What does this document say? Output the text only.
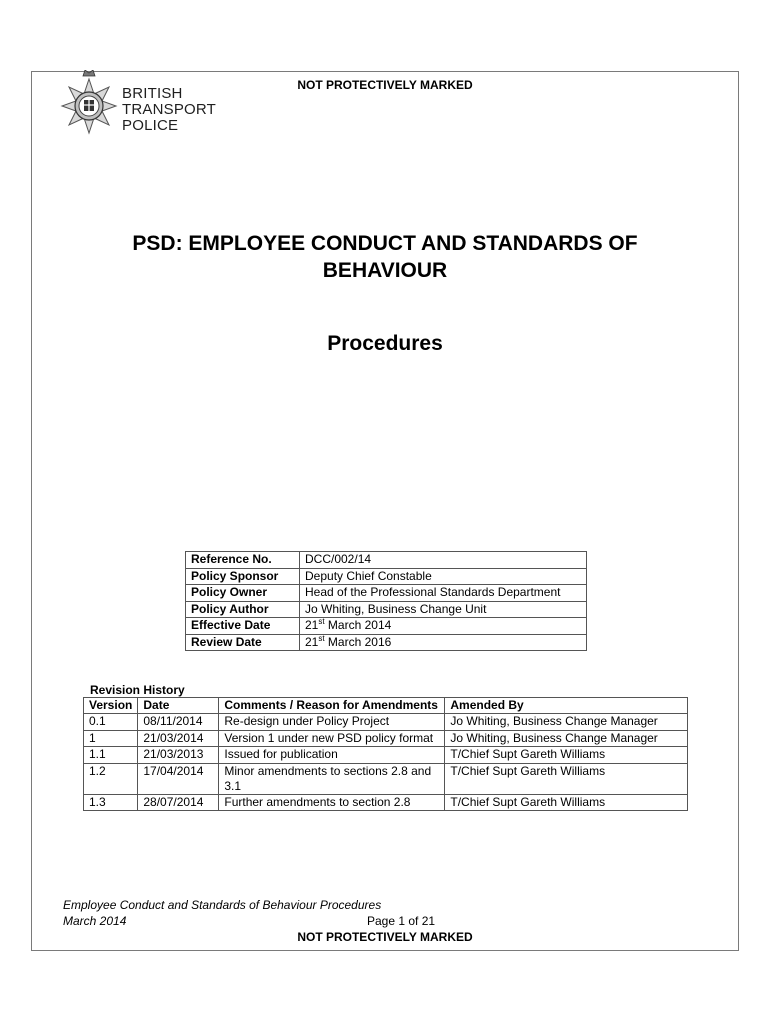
NOT PROTECTIVELY MARKED
BRITISH
TRANSPORT
POLICE
PSD: EMPLOYEE CONDUCT AND STANDARDS OF
BEHAVIOUR
Procedures
Reference No.	DCC/002/14
Policy Sponsor	Deputy Chief Constable
Policy Owner	Head of the Professional Standards Department
Policy Author	Jo Whiting, Business Change Unit
Effective Date	21st March 2014
Review Date	21st March 2016
Revision History
Version	Date	Comments / Reason for Amendments	Amended By
0.1	08/11/2014	Re-design under Policy Project	Jo Whiting, Business Change Manager
1	21/03/2014	Version 1 under new PSD policy format	Jo Whiting, Business Change Manager
1.1	21/03/2013	Issued for publication	T/Chief Supt Gareth Williams
1.2	17/04/2014	Minor amendments to sections 2.8 and 3.1	T/Chief Supt Gareth Williams
1.3	28/07/2014	Further amendments to section 2.8	T/Chief Supt Gareth Williams
Employee Conduct and Standards of Behaviour Procedures
March 2014	Page 1 of 21
NOT PROTECTIVELY MARKED
